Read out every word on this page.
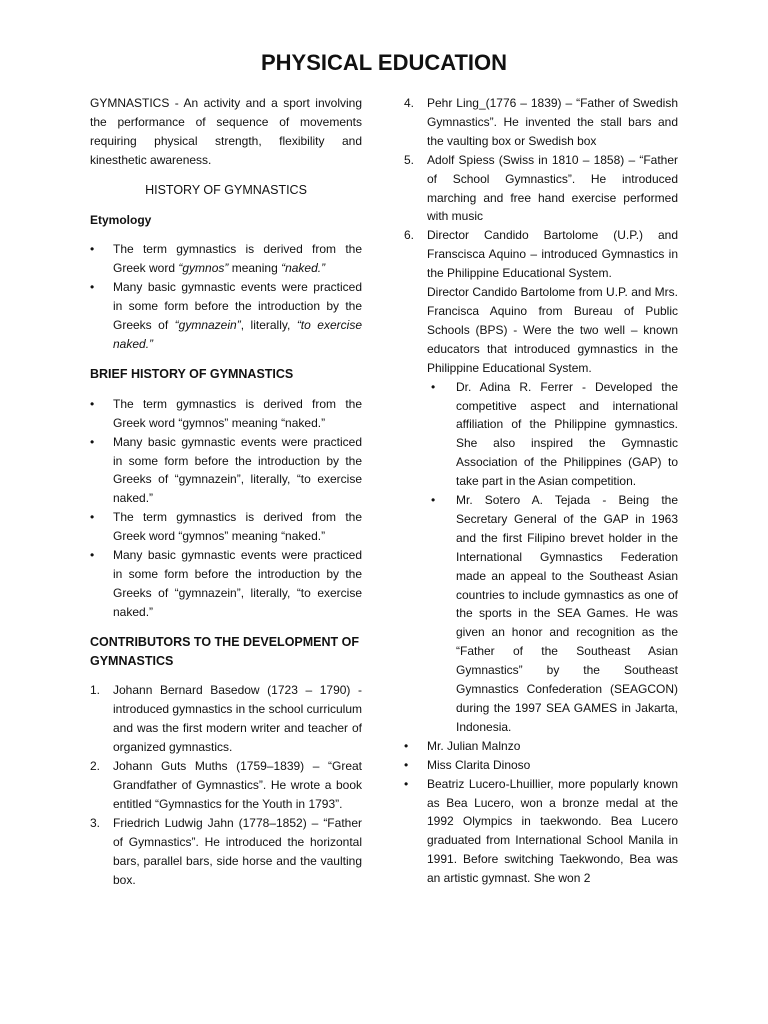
PHYSICAL EDUCATION

GYMNASTICS - An activity and a sport involving the performance of sequence of movements requiring physical strength, flexibility and kinesthetic awareness.

HISTORY OF GYMNASTICS

Etymology

• The term gymnastics is derived from the Greek word “gymnos” meaning “naked.”
• Many basic gymnastic events were practiced in some form before the introduction by the Greeks of “gymnazein”, literally, “to exercise naked.”

BRIEF HISTORY OF GYMNASTICS

• The term gymnastics is derived from the Greek word “gymnos” meaning “naked.”
• Many basic gymnastic events were practiced in some form before the introduction by the Greeks of “gymnazein”, literally, “to exercise naked.”
• The term gymnastics is derived from the Greek word “gymnos” meaning “naked.”
• Many basic gymnastic events were practiced in some form before the introduction by the Greeks of “gymnazein”, literally, “to exercise naked.”

CONTRIBUTORS TO THE DEVELOPMENT OF GYMNASTICS

1. Johann Bernard Basedow (1723 – 1790) - introduced gymnastics in the school curriculum and was the first modern writer and teacher of organized gymnastics.
2. Johann Guts Muths (1759–1839) – “Great Grandfather of Gymnastics”. He wrote a book entitled “Gymnastics for the Youth in 1793”.
3. Friedrich Ludwig Jahn (1778–1852) – “Father of Gymnastics”. He introduced the horizontal bars, parallel bars, side horse and the vaulting box.
4. Pehr Ling_(1776 – 1839) – “Father of Swedish Gymnastics”. He invented the stall bars and the vaulting box or Swedish box
5. Adolf Spiess (Swiss in 1810 – 1858) – “Father of School Gymnastics”. He introduced marching and free hand exercise performed with music
6. Director Candido Bartolome (U.P.) and Franscisca Aquino – introduced Gymnastics in the Philippine Educational System.

Director Candido Bartolome from U.P. and Mrs. Francisca Aquino from Bureau of Public Schools (BPS) - Were the two well – known educators that introduced gymnastics in the Philippine Educational System.

• Dr. Adina R. Ferrer - Developed the competitive aspect and international affiliation of the Philippine gymnastics. She also inspired the Gymnastic Association of the Philippines (GAP) to take part in the Asian competition.
• Mr. Sotero A. Tejada - Being the Secretary General of the GAP in 1963 and the first Filipino brevet holder in the International Gymnastics Federation made an appeal to the Southeast Asian countries to include gymnastics as one of the sports in the SEA Games. He was given an honor and recognition as the “Father of the Southeast Asian Gymnastics” by the Southeast Gymnastics Confederation (SEAGCON) during the 1997 SEA GAMES in Jakarta, Indonesia.
• Mr. Julian Malnzo
• Miss Clarita Dinoso
• Beatriz Lucero-Lhuillier, more popularly known as Bea Lucero, won a bronze medal at the 1992 Olympics in taekwondo. Bea Lucero graduated from International School Manila in 1991. Before switching Taekwondo, Bea was an artistic gymnast. She won 2
